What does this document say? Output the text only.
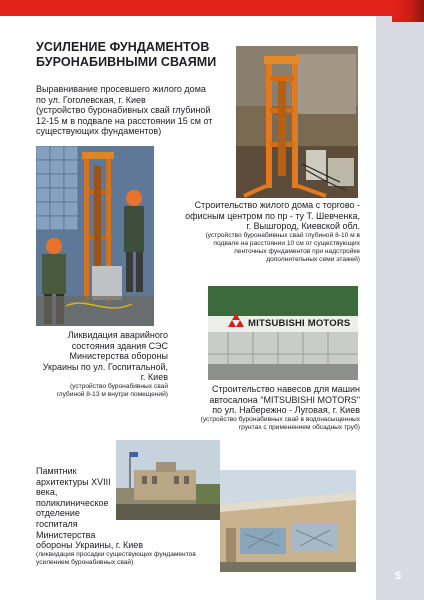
УСИЛЕНИЕ ФУНДАМЕНТОВ
БУРОНАБИВНЫМИ СВАЯМИ
Выравнивание просевшего жилого дома
по ул. Гоголевская, г. Киев
(устройство буронабивных свай глубиной
12-15 м в подвале на расстоянии 15 см от
существующих фундаментов)
Строительство жилого дома с торгово -
офисным центром по пр - ту Т. Шевченка,
г. Вышгород, Киевской обл.
(устройство буронабивных свай глубиной 8-10 м в
подвале на расстоянии 10 см от существующих
ленточных фундаментов при надстройке
дополнительных семи этажей)
MITSUBISHI MOTORS
Ликвидация аварийного
состояния здания СЭС
Министерства обороны
Украины по ул. Госпитальной,
г. Киев
(устройство буронабивных свай
глубиной 8-13 м внутри помещений)
Строительство навесов для машин
автосалона "MITSUBISHI MOTORS"
по ул. Набережно - Луговая, г. Киев
(устройство буронабивных свай в водонасыщенных
грунтах с применением обсадных труб)
Памятник
архитектуры XVIII
века,
поликлиническое
отделение
госпиталя
Министерства
обороны Украины, г. Киев
(ликвидация просадки существующих фундаментов
усилением буронабивных свай)
5
